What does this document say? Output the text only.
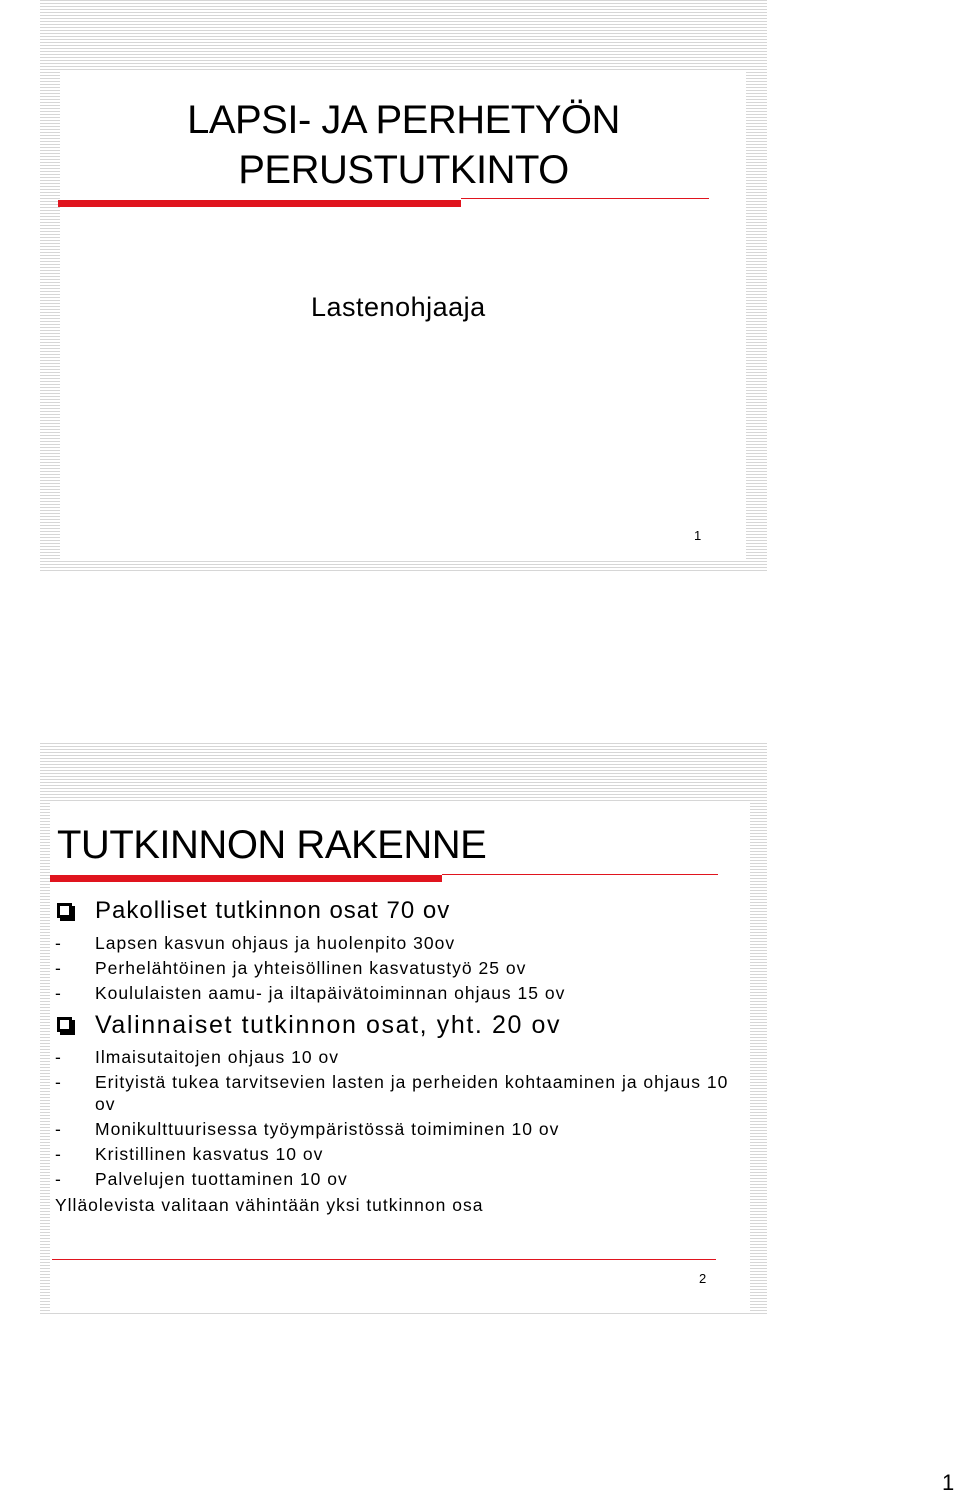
LAPSI- JA PERHETYÖN
PERUSTUTKINTO
Lastenohjaaja
1
TUTKINNON RAKENNE
Pakolliset tutkinnon osat 70 ov
- Lapsen kasvun ohjaus ja huolenpito 30ov
- Perhelähtöinen ja yhteisöllinen kasvatustyö 25 ov
- Koululaisten aamu- ja iltapäivätoiminnan ohjaus 15 ov
Valinnaiset tutkinnon osat, yht. 20 ov
- Ilmaisutaitojen ohjaus 10 ov
- Erityistä tukea tarvitsevien lasten ja perheiden kohtaaminen ja ohjaus 10 ov
- Monikulttuurisessa työympäristössä toimiminen 10 ov
- Kristillinen kasvatus 10 ov
- Palvelujen tuottaminen 10 ov
Ylläolevista valitaan vähintään yksi tutkinnon osa
2
1
